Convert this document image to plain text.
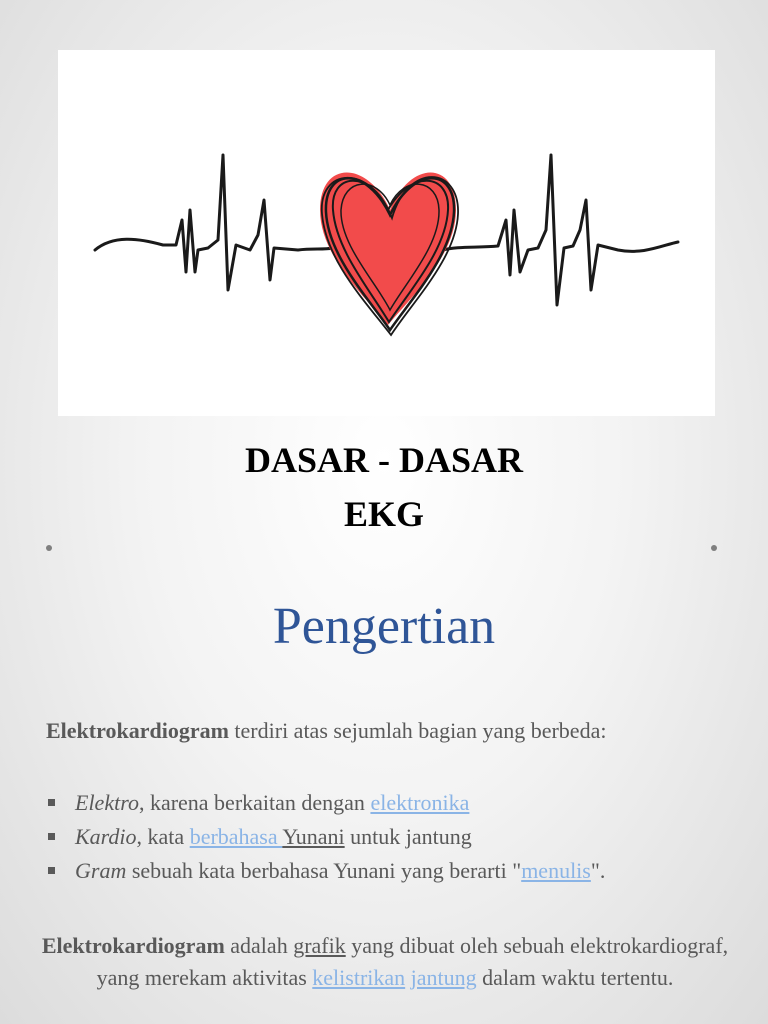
DASAR - DASAR
EKG
Pengertian
Elektrokardiogram terdiri atas sejumlah bagian yang berbeda:
Elektro, karena berkaitan dengan elektronika
Kardio, kata berbahasa Yunani untuk jantung
Gram sebuah kata berbahasa Yunani yang berarti "menulis".
Elektrokardiogram adalah grafik yang dibuat oleh sebuah elektrokardiograf, yang merekam aktivitas kelistrikan jantung dalam waktu tertentu.
